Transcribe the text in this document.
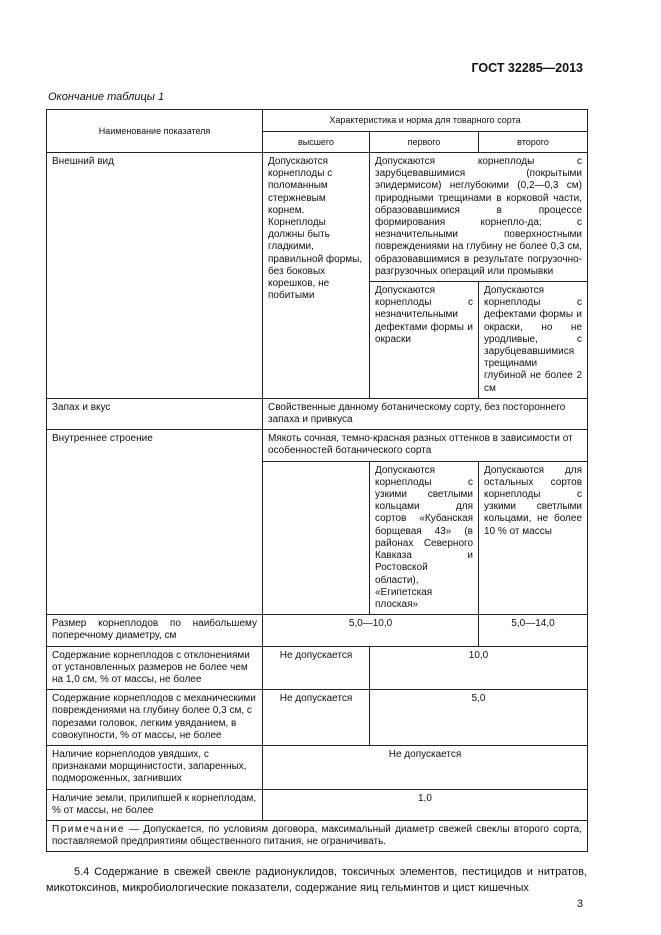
ГОСТ 32285—2013
Окончание таблицы 1
Наименование показателя	Характеристика и норма для товарного сорта		
	высшего	первого	второго
Внешний вид	Допускаются корнеплоды с поломанным стержневым корнем. Корнеплоды должны быть гладкими, правильной формы, без боковых корешков, не побитыми	Допускаются корнеплоды с зарубцевавшимися (покрытыми эпидермисом) неглубокими (0,2—0,3 см) природными трещинами в корковой части, образовавшимися в процессе формирования корнепло-да; с незначительными поверхностными повреждениями на глубину не более 0,3 см, образовавшимися в результате погрузочно-разгрузочных операций или промывки	
		Допускаются корнеплоды с незначительными дефектами формы и окраски	Допускаются корнеплоды с дефектами формы и окраски, но не уродливые, с зарубцевавшимися трещинами глубиной не более 2 см
Запах и вкус	Свойственные данному ботаническому сорту, без постороннего запаха и привкуса		
Внутреннее строение	Мякоть сочная, темно-красная разных оттенков в зависимости от особенностей ботанического сорта		
		Допускаются корнеплоды с узкими светлыми кольцами для сортов «Кубанская борщевая 43» (в районах Северного Кавказа и Ростовской области), «Египетская плоская»	Допускаются для остальных сортов корнеплоды с узкими светлыми кольцами, не более 10 % от массы
Размер корнеплодов по наибольшему поперечному диаметру, см	5,0—10,0		5,0—14,0
Содержание корнеплодов с отклонениями от установленных размеров не более чем на 1,0 см, % от массы, не более	Не допускается	10,0	
Содержание корнеплодов с механическими повреждениями на глубину более 0,3 см, с порезами головок, легким увяданием, в совокупности, % от массы, не более	Не допускается	5,0	
Наличие корнеплодов увядших, с признаками морщинистости, запаренных, подмороженных, загнивших	Не допускается		
Наличие земли, прилипшей к корнеплодам, % от массы, не более	1,0		
Примечание — Допускается, по условиям договора, максимальный диаметр свежей свеклы второго сорта, поставляемой предприятиям общественного питания, не ограничивать.			
5.4 Содержание в свежей свекле радионуклидов, токсичных элементов, пестицидов и нитратов, микотоксинов, микробиологические показатели, содержание яиц гельминтов и цист кишечных
3
